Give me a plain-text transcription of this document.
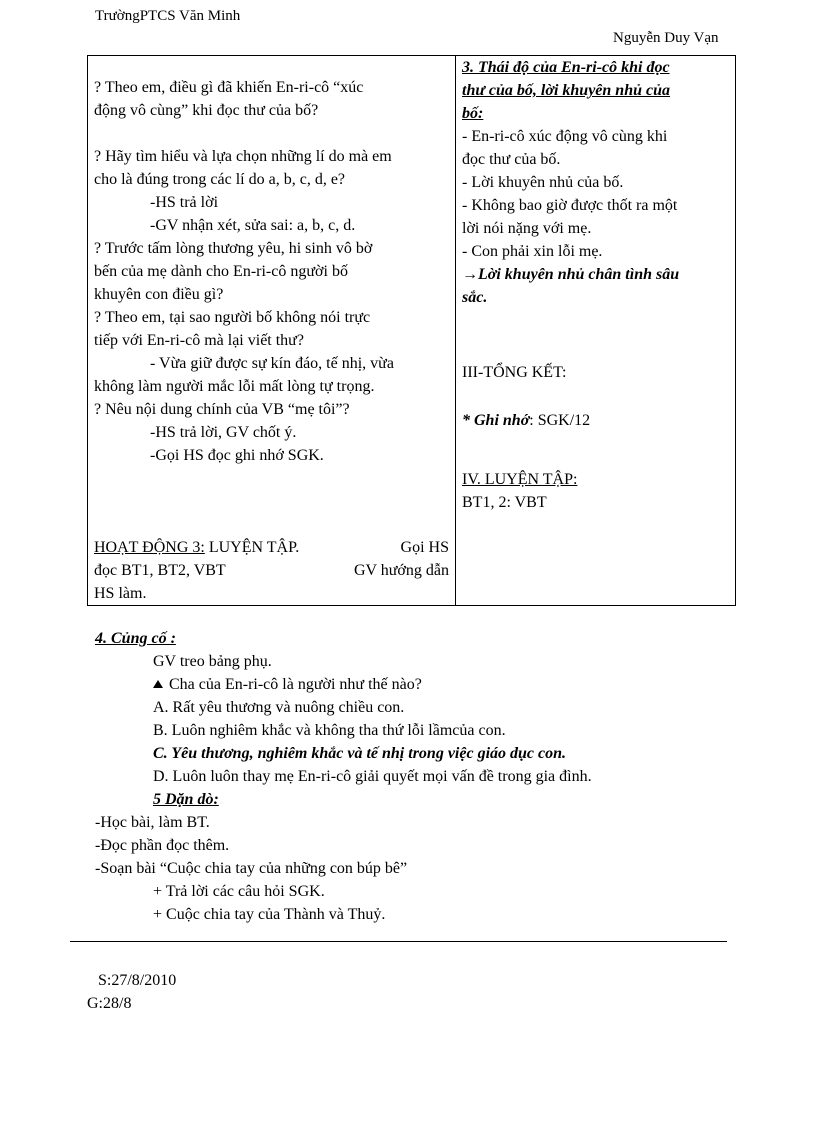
TrườngPTCS Văn Minh
Nguyễn Duy Vạn
? Theo em, điều gì đã khiến En-ri-cô “xúc
động vô cùng” khi đọc thư của bố?
? Hãy tìm hiểu và lựa chọn những lí do mà em
cho là đúng trong các lí do a, b, c, d, e?
-HS trả lời
-GV nhận xét, sửa sai: a, b, c, d.
? Trước tấm lòng thương yêu, hi sinh vô bờ
bến của mẹ dành cho En-ri-cô người bố
khuyên con điều gì?
? Theo em, tại sao người bố không nói trực
tiếp với En-ri-cô mà lại viết thư?
- Vừa giữ được sự kín đáo, tế nhị, vừa
không làm người mắc lỗi mất lòng tự trọng.
? Nêu nội dung chính của VB “mẹ tôi”?
-HS trả lời, GV chốt ý.
-Gọi HS đọc ghi nhớ SGK.
HOẠT ĐỘNG 3: LUYỆN TẬP.	Gọi HS
đọc BT1, BT2, VBT	GV hướng dẫn
HS làm.

3. Thái độ của En-ri-cô khi đọc
thư của bố, lời khuyên nhủ của
bố:
- En-ri-cô xúc động vô cùng khi
đọc thư của bố.
- Lời khuyên nhủ của bố.
- Không bao giờ được thốt ra một
lời nói nặng với mẹ.
- Con phải xin lỗi mẹ.
→Lời khuyên nhủ chân tình sâu
sắc.
III-TỔNG KẾT:
* Ghi nhớ: SGK/12
IV. LUYỆN TẬP:
BT1, 2: VBT
4. Củng cố :
GV treo bảng phụ.
Cha của En-ri-cô là người như thế nào?
A. Rất yêu thương và nuông chiều con.
B. Luôn nghiêm khắc và không tha thứ lỗi lầmcủa con.
C. Yêu thương, nghiêm khắc và tế nhị trong việc giáo dục con.
D. Luôn luôn thay mẹ En-ri-cô giải quyết mọi vấn đề trong gia đình.
5 Dặn dò:
-Học bài, làm BT.
-Đọc phần đọc thêm.
-Soạn bài “Cuộc chia tay của những con búp bê”
+ Trả lời các câu hỏi SGK.
+ Cuộc chia tay của Thành và Thuỷ.
S:27/8/2010
G:28/8
